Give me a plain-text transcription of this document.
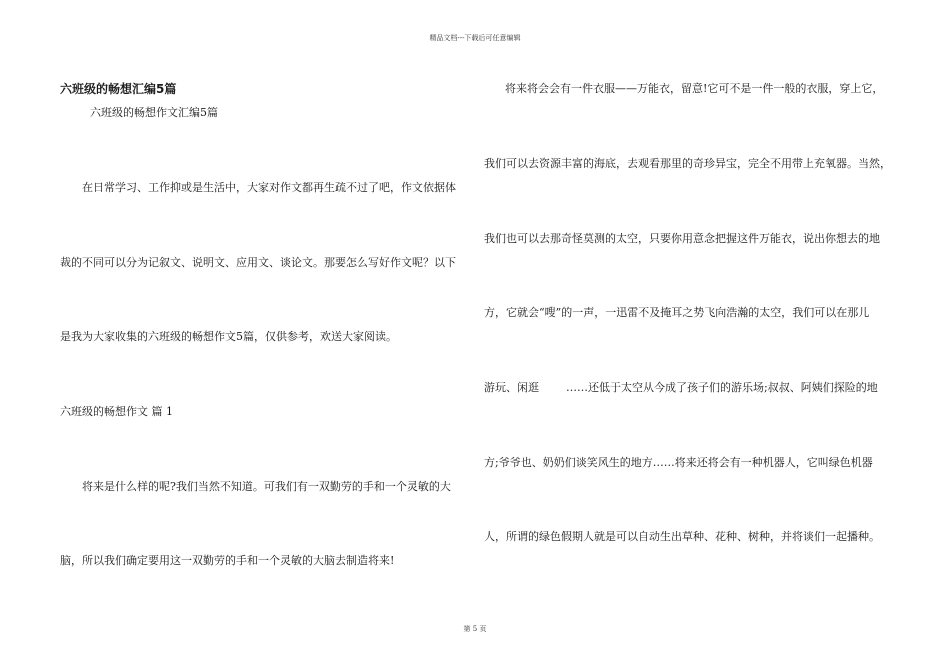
精品文档---下载后可任意编辑
六班级的畅想汇编5篇
六班级的畅想作文汇编5篇
在日常学习、工作抑或是生活中，大家对作文都再生疏不过了吧，作文依据体
裁的不同可以分为记叙文、说明文、应用文、谈论文。那要怎么写好作文呢？以下
是我为大家收集的六班级的畅想作文5篇，仅供参考，欢送大家阅读。
六班级的畅想作文 篇 1
将来是什么样的呢?我们当然不知道。可我们有一双勤劳的手和一个灵敏的大
脑，所以我们确定要用这一双勤劳的手和一个灵敏的大脑去制造将来!
将来将会会有一件衣服——万能衣，留意!它可不是一件一般的衣服，穿上它，
我们可以去资源丰富的海底，去观看那里的奇珍异宝，完全不用带上充氧器。当然，
我们也可以去那奇怪莫测的太空，只要你用意念把握这件万能衣，说出你想去的地
方，它就会“嗖”的一声，一迅雷不及掩耳之势飞向浩瀚的太空，我们可以在那儿
游玩、闲逛 ……还低于太空从今成了孩子们的游乐场;叔叔、阿姨们探险的地
方;爷爷也、奶奶们谈笑风生的地方……将来还将会有一种机器人，它叫绿色机器
人，所谓的绿色假期人就是可以自动生出草种、花种、树种，并将谈们一起播种。
第 5 页
